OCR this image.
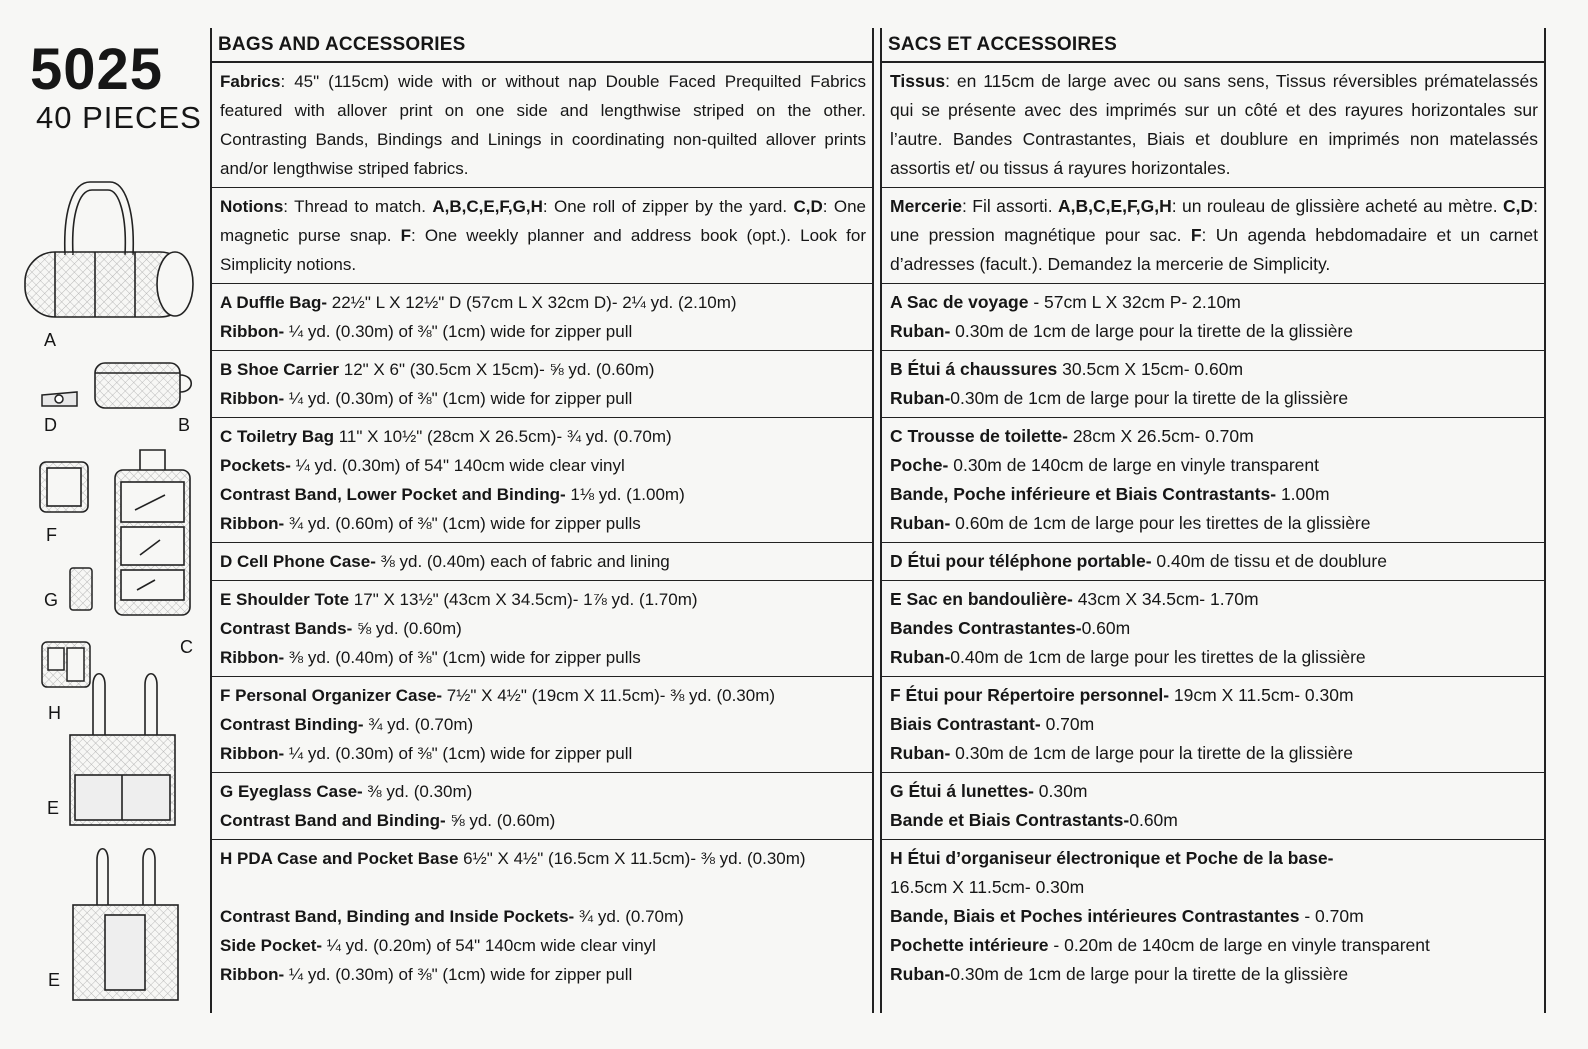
5025
40 PIECES
A
D	B
F
G
C
H
E
E
BAGS AND ACCESSORIES
Fabrics: 45" (115cm) wide with or without nap Double Faced Prequilted Fabrics featured with allover print on one side and lengthwise striped on the other. Contrasting Bands, Bindings and Linings in coordinating non-quilted allover prints and/or lengthwise striped fabrics.
Notions: Thread to match. A,B,C,E,F,G,H: One roll of zipper by the yard. C,D: One magnetic purse snap. F: One weekly planner and address book (opt.). Look for Simplicity notions.
A Duffle Bag- 22½" L X 12½" D (57cm L X 32cm D)- 2¼ yd. (2.10m)
Ribbon- ¼ yd. (0.30m) of ⅜" (1cm) wide for zipper pull
B Shoe Carrier 12" X 6" (30.5cm X 15cm)- ⅝ yd. (0.60m)
Ribbon- ¼ yd. (0.30m) of ⅜" (1cm) wide for zipper pull
C Toiletry Bag 11" X 10½" (28cm X 26.5cm)- ¾ yd. (0.70m)
Pockets- ¼ yd. (0.30m) of 54" 140cm wide clear vinyl
Contrast Band, Lower Pocket and Binding- 1⅛ yd. (1.00m)
Ribbon- ¾ yd. (0.60m) of ⅜" (1cm) wide for zipper pulls
D Cell Phone Case- ⅜ yd. (0.40m) each of fabric and lining
E Shoulder Tote 17" X 13½" (43cm X 34.5cm)- 1⅞ yd. (1.70m)
Contrast Bands- ⅝ yd. (0.60m)
Ribbon- ⅜ yd. (0.40m) of ⅜" (1cm) wide for zipper pulls
F Personal Organizer Case- 7½" X 4½" (19cm X 11.5cm)- ⅜ yd. (0.30m)
Contrast Binding- ¾ yd. (0.70m)
Ribbon- ¼ yd. (0.30m) of ⅜" (1cm) wide for zipper pull
G Eyeglass Case- ⅜ yd. (0.30m)
Contrast Band and Binding- ⅝ yd. (0.60m)
H PDA Case and Pocket Base 6½" X 4½" (16.5cm X 11.5cm)- ⅜ yd. (0.30m)
Contrast Band, Binding and Inside Pockets- ¾ yd. (0.70m)
Side Pocket- ¼ yd. (0.20m) of 54" 140cm wide clear vinyl
Ribbon- ¼ yd. (0.30m) of ⅜" (1cm) wide for zipper pull
SACS ET ACCESSOIRES
Tissus: en 115cm de large avec ou sans sens, Tissus réversibles prématelassés qui se présente avec des imprimés sur un côté et des rayures horizontales sur l’autre. Bandes Contrastantes, Biais et doublure en imprimés non matelassés assortis et/ ou tissus á rayures horizontales.
Mercerie: Fil assorti. A,B,C,E,F,G,H: un rouleau de glissière acheté au mètre. C,D: une pression magnétique pour sac. F: Un agenda hebdomadaire et un carnet d’adresses (facult.). Demandez la mercerie de Simplicity.
A Sac de voyage - 57cm L X 32cm P- 2.10m
Ruban- 0.30m de 1cm de large pour la tirette de la glissière
B Étui á chaussures 30.5cm X 15cm- 0.60m
Ruban-0.30m de 1cm de large pour la tirette de la glissière
C Trousse de toilette- 28cm X 26.5cm- 0.70m
Poche- 0.30m de 140cm de large en vinyle transparent
Bande, Poche inférieure et Biais Contrastants- 1.00m
Ruban- 0.60m de 1cm de large pour les tirettes de la glissière
D Étui pour téléphone portable- 0.40m de tissu et de doublure
E Sac en bandoulière- 43cm X 34.5cm- 1.70m
Bandes Contrastantes-0.60m
Ruban-0.40m de 1cm de large pour les tirettes de la glissière
F Étui pour Répertoire personnel- 19cm X 11.5cm- 0.30m
Biais Contrastant- 0.70m
Ruban- 0.30m de 1cm de large pour la tirette de la glissière
G Étui á lunettes- 0.30m
Bande et Biais Contrastants-0.60m
H Étui d’organiseur électronique et Poche de la base-
16.5cm X 11.5cm- 0.30m
Bande, Biais et Poches intérieures Contrastantes - 0.70m
Pochette intérieure - 0.20m de 140cm de large en vinyle transparent
Ruban-0.30m de 1cm de large pour la tirette de la glissière
